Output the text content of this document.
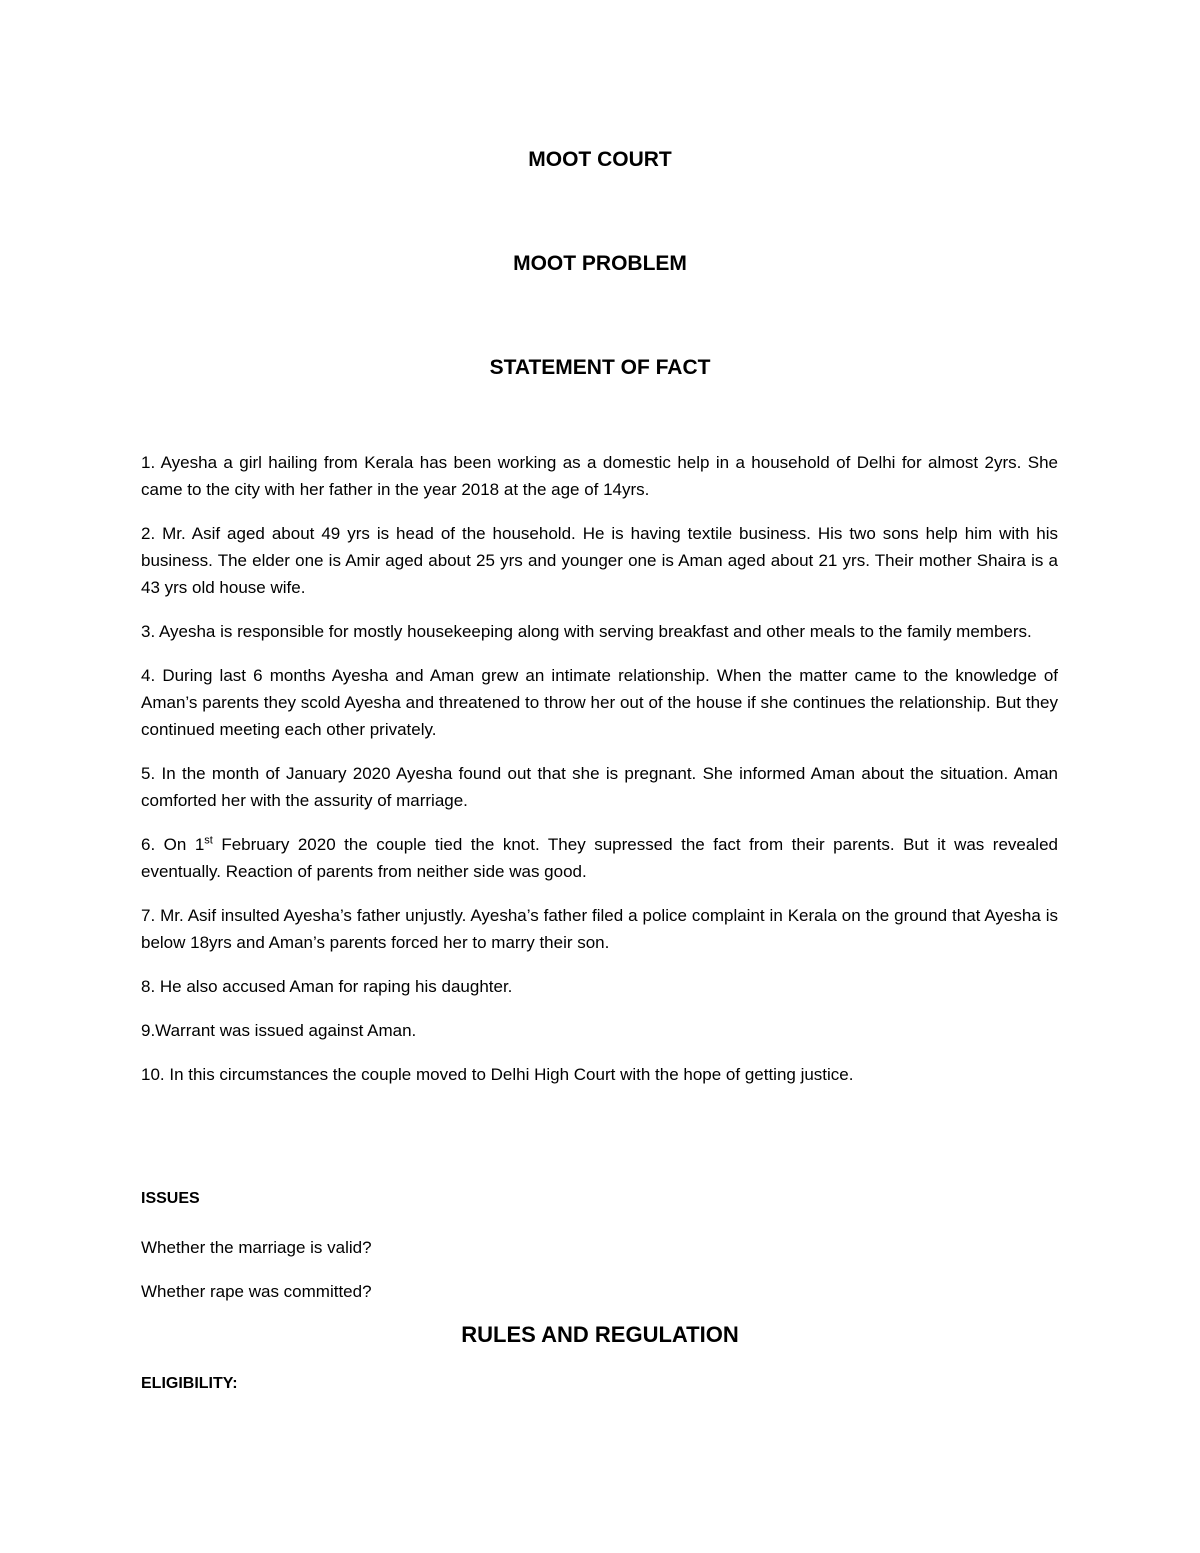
MOOT COURT
MOOT PROBLEM
STATEMENT OF FACT
1. Ayesha a girl hailing from Kerala has been working as a domestic help in a household of Delhi for almost 2yrs. She came to the city with her father in the year 2018 at the age of 14yrs.
2. Mr. Asif aged about 49 yrs is head of the household. He is having textile business. His two sons help him with his business. The elder one is Amir aged about 25 yrs and younger one is Aman aged about 21 yrs. Their mother Shaira is a 43 yrs old house wife.
3. Ayesha is responsible for mostly housekeeping along with serving breakfast and other meals to the family members.
4. During last 6 months Ayesha and Aman grew an intimate relationship. When the matter came to the knowledge of Aman’s parents they scold Ayesha and threatened to throw her out of the house if she continues the relationship. But they continued meeting each other privately.
5. In the month of January 2020 Ayesha found out that she is pregnant. She informed Aman about the situation. Aman comforted her with the assurity of marriage.
6. On 1st February 2020 the couple tied the knot. They supressed the fact from their parents. But it was revealed eventually. Reaction of parents from neither side was good.
7. Mr. Asif insulted Ayesha’s father unjustly. Ayesha’s father filed a police complaint in Kerala on the ground that Ayesha is below 18yrs and Aman’s parents forced her to marry their son.
8. He also accused Aman for raping his daughter.
9.Warrant was issued against Aman.
10. In this circumstances the couple moved to Delhi High Court with the hope of getting justice.
ISSUES
Whether the marriage is valid?
Whether rape was committed?
RULES AND REGULATION
ELIGIBILITY:
